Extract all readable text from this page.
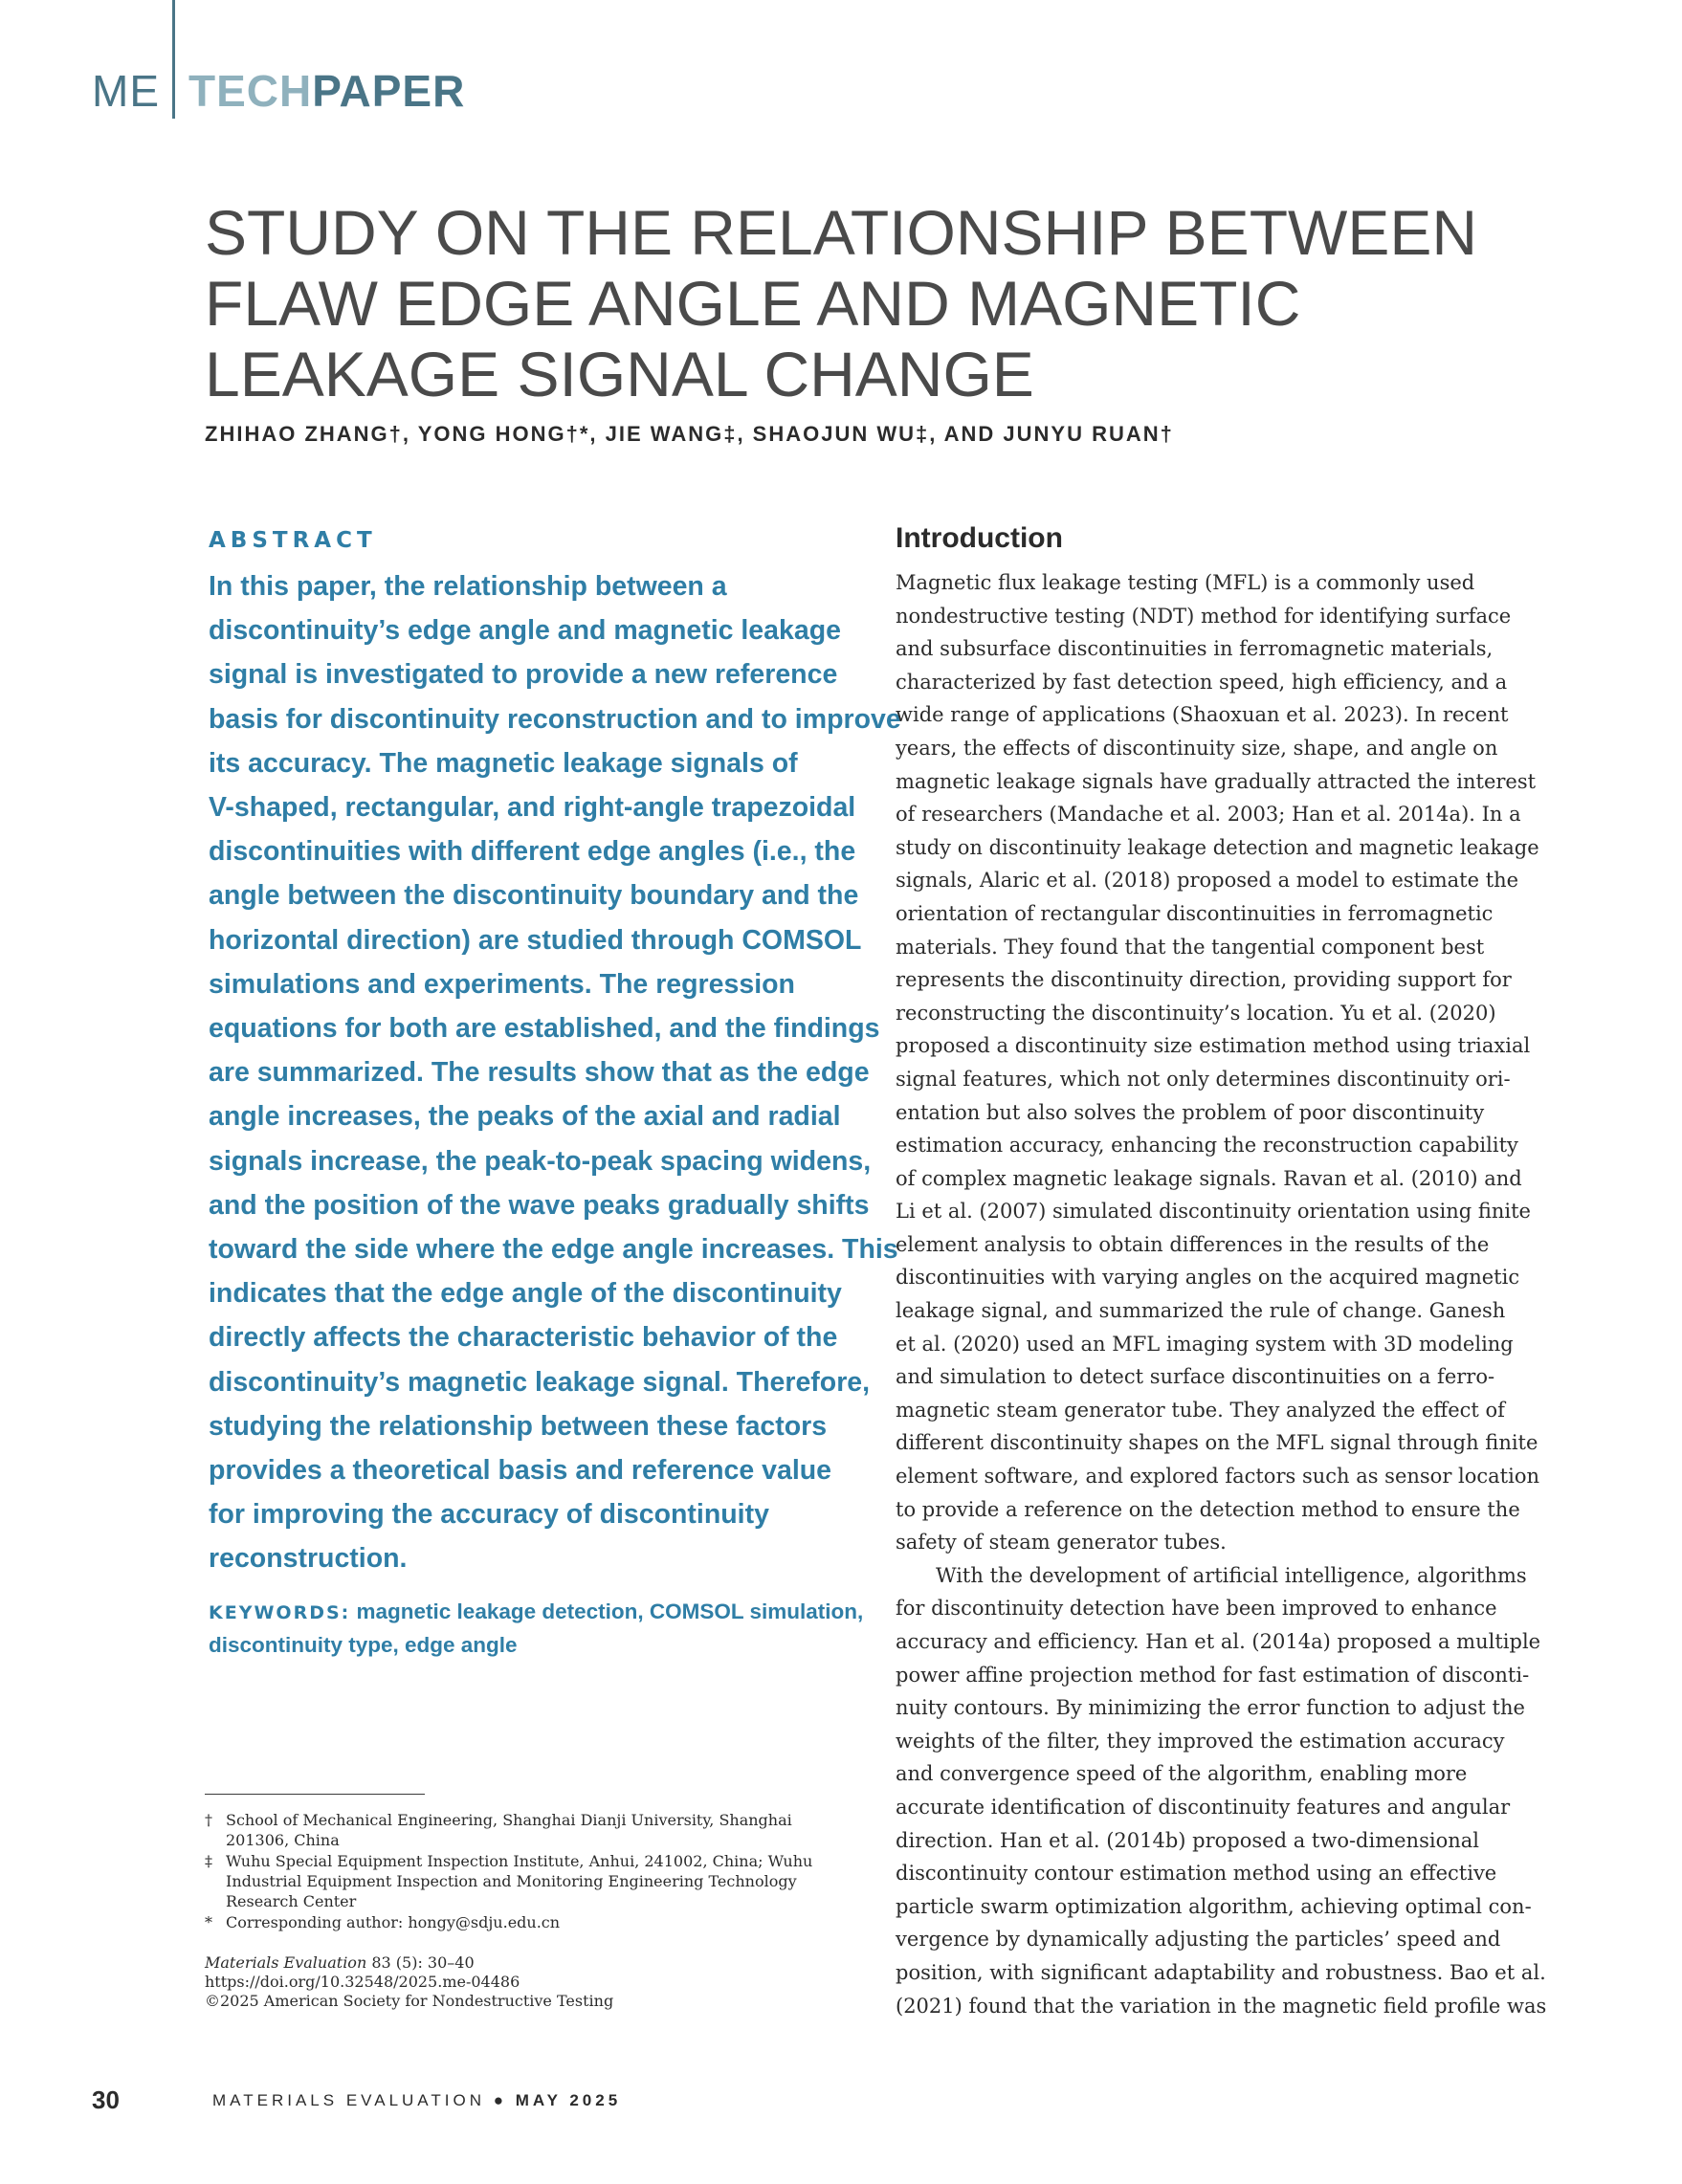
ME TECHPAPER
STUDY ON THE RELATIONSHIP BETWEEN
FLAW EDGE ANGLE AND MAGNETIC
LEAKAGE SIGNAL CHANGE
ZHIHAO ZHANG†, YONG HONG†*, JIE WANG‡, SHAOJUN WU‡, AND JUNYU RUAN†
ABSTRACT
In this paper, the relationship between a
discontinuity’s edge angle and magnetic leakage
signal is investigated to provide a new reference
basis for discontinuity reconstruction and to improve
its accuracy. The magnetic leakage signals of
V-shaped, rectangular, and right-angle trapezoidal
discontinuities with different edge angles (i.e., the
angle between the discontinuity boundary and the
horizontal direction) are studied through COMSOL
simulations and experiments. The regression
equations for both are established, and the findings
are summarized. The results show that as the edge
angle increases, the peaks of the axial and radial
signals increase, the peak-to-peak spacing widens,
and the position of the wave peaks gradually shifts
toward the side where the edge angle increases. This
indicates that the edge angle of the discontinuity
directly affects the characteristic behavior of the
discontinuity’s magnetic leakage signal. Therefore,
studying the relationship between these factors
provides a theoretical basis and reference value
for improving the accuracy of discontinuity
reconstruction.
KEYWORDS: magnetic leakage detection, COMSOL simulation,
discontinuity type, edge angle
† School of Mechanical Engineering, Shanghai Dianji University, Shanghai
201306, China
‡ Wuhu Special Equipment Inspection Institute, Anhui, 241002, China; Wuhu
Industrial Equipment Inspection and Monitoring Engineering Technology
Research Center
* Corresponding author: hongy@sdju.edu.cn
Materials Evaluation 83 (5): 30–40
https://doi.org/10.32548/2025.me-04486
©2025 American Society for Nondestructive Testing
Introduction
Magnetic flux leakage testing (MFL) is a commonly used
nondestructive testing (NDT) method for identifying surface
and subsurface discontinuities in ferromagnetic materials,
characterized by fast detection speed, high efficiency, and a
wide range of applications (Shaoxuan et al. 2023). In recent
years, the effects of discontinuity size, shape, and angle on
magnetic leakage signals have gradually attracted the interest
of researchers (Mandache et al. 2003; Han et al. 2014a). In a
study on discontinuity leakage detection and magnetic leakage
signals, Alaric et al. (2018) proposed a model to estimate the
orientation of rectangular discontinuities in ferromagnetic
materials. They found that the tangential component best
represents the discontinuity direction, providing support for
reconstructing the discontinuity’s location. Yu et al. (2020)
proposed a discontinuity size estimation method using triaxial
signal features, which not only determines discontinuity ori-
entation but also solves the problem of poor discontinuity
estimation accuracy, enhancing the reconstruction capability
of complex magnetic leakage signals. Ravan et al. (2010) and
Li et al. (2007) simulated discontinuity orientation using finite
element analysis to obtain differences in the results of the
discontinuities with varying angles on the acquired magnetic
leakage signal, and summarized the rule of change. Ganesh
et al. (2020) used an MFL imaging system with 3D modeling
and simulation to detect surface discontinuities on a ferro-
magnetic steam generator tube. They analyzed the effect of
different discontinuity shapes on the MFL signal through finite
element software, and explored factors such as sensor location
to provide a reference on the detection method to ensure the
safety of steam generator tubes.
With the development of artificial intelligence, algorithms
for discontinuity detection have been improved to enhance
accuracy and efficiency. Han et al. (2014a) proposed a multiple
power affine projection method for fast estimation of disconti-
nuity contours. By minimizing the error function to adjust the
weights of the filter, they improved the estimation accuracy
and convergence speed of the algorithm, enabling more
accurate identification of discontinuity features and angular
direction. Han et al. (2014b) proposed a two-dimensional
discontinuity contour estimation method using an effective
particle swarm optimization algorithm, achieving optimal con-
vergence by dynamically adjusting the particles’ speed and
position, with significant adaptability and robustness. Bao et al.
(2021) found that the variation in the magnetic field profile was
30	MATERIALS EVALUATION ● MAY 2025
